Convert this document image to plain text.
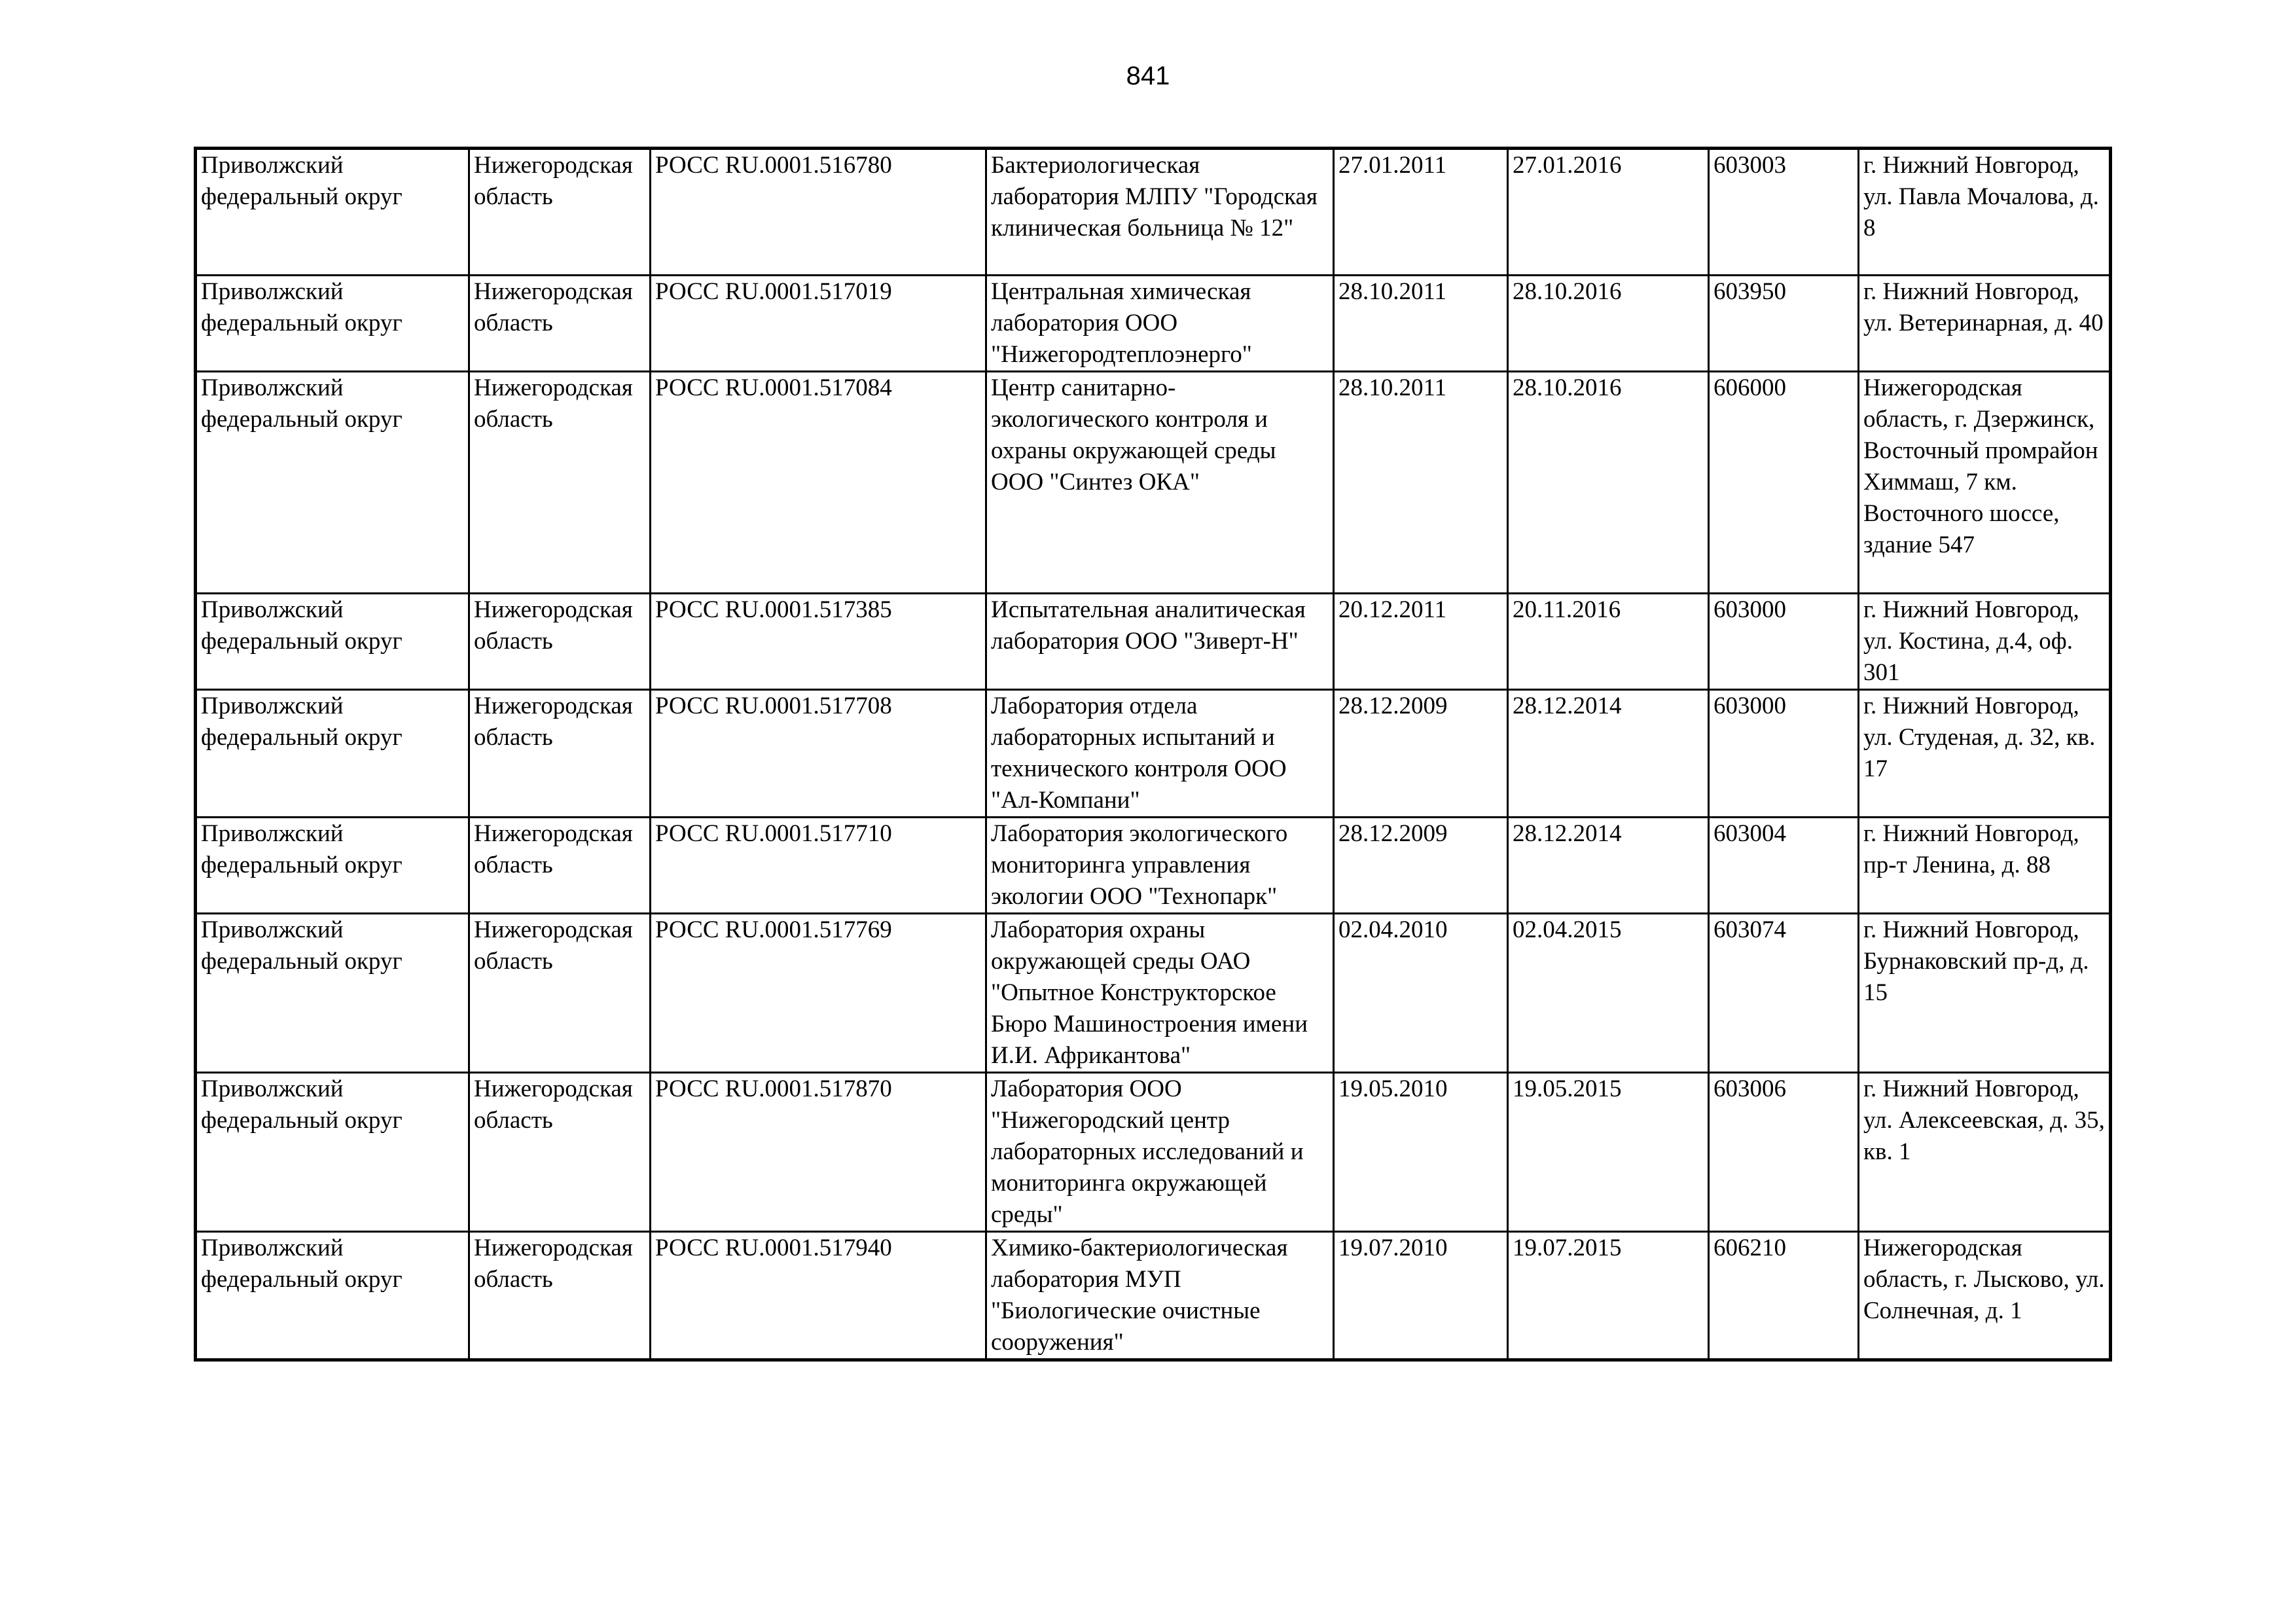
841
Приволжский федеральный округ	Нижегородская область	РОСС RU.0001.516780	Бактериологическая лаборатория МЛПУ "Городская клиническая больница № 12"	27.01.2011	27.01.2016	603003	г. Нижний Новгород, ул. Павла Мочалова, д. 8
Приволжский федеральный округ	Нижегородская область	РОСС RU.0001.517019	Центральная химическая лаборатория ООО "Нижегородтеплоэнерго"	28.10.2011	28.10.2016	603950	г. Нижний Новгород, ул. Ветеринарная, д. 40
Приволжский федеральный округ	Нижегородская область	РОСС RU.0001.517084	Центр санитарно-экологического контроля и охраны окружающей среды ООО "Синтез ОКА"	28.10.2011	28.10.2016	606000	Нижегородская область, г. Дзержинск, Восточный промрайон Химмаш, 7 км. Восточного шоссе, здание 547
Приволжский федеральный округ	Нижегородская область	РОСС RU.0001.517385	Испытательная аналитическая лаборатория ООО "Зиверт-Н"	20.12.2011	20.11.2016	603000	г. Нижний Новгород, ул. Костина, д.4, оф. 301
Приволжский федеральный округ	Нижегородская область	РОСС RU.0001.517708	Лаборатория отдела лабораторных испытаний и технического контроля ООО "Ал-Компани"	28.12.2009	28.12.2014	603000	г. Нижний Новгород, ул. Студеная, д. 32, кв. 17
Приволжский федеральный округ	Нижегородская область	РОСС RU.0001.517710	Лаборатория экологического мониторинга управления экологии ООО "Технопарк"	28.12.2009	28.12.2014	603004	г. Нижний Новгород, пр-т Ленина, д. 88
Приволжский федеральный округ	Нижегородская область	РОСС RU.0001.517769	Лаборатория охраны окружающей среды ОАО "Опытное Конструкторское Бюро Машиностроения имени И.И. Африкантова"	02.04.2010	02.04.2015	603074	г. Нижний Новгород, Бурнаковский пр-д, д. 15
Приволжский федеральный округ	Нижегородская область	РОСС RU.0001.517870	Лаборатория ООО "Нижегородский центр лабораторных исследований и мониторинга окружающей среды"	19.05.2010	19.05.2015	603006	г. Нижний Новгород, ул. Алексеевская, д. 35, кв. 1
Приволжский федеральный округ	Нижегородская область	РОСС RU.0001.517940	Химико-бактериологическая лаборатория МУП "Биологические очистные сооружения"	19.07.2010	19.07.2015	606210	Нижегородская область, г. Лысково, ул. Солнечная, д. 1
